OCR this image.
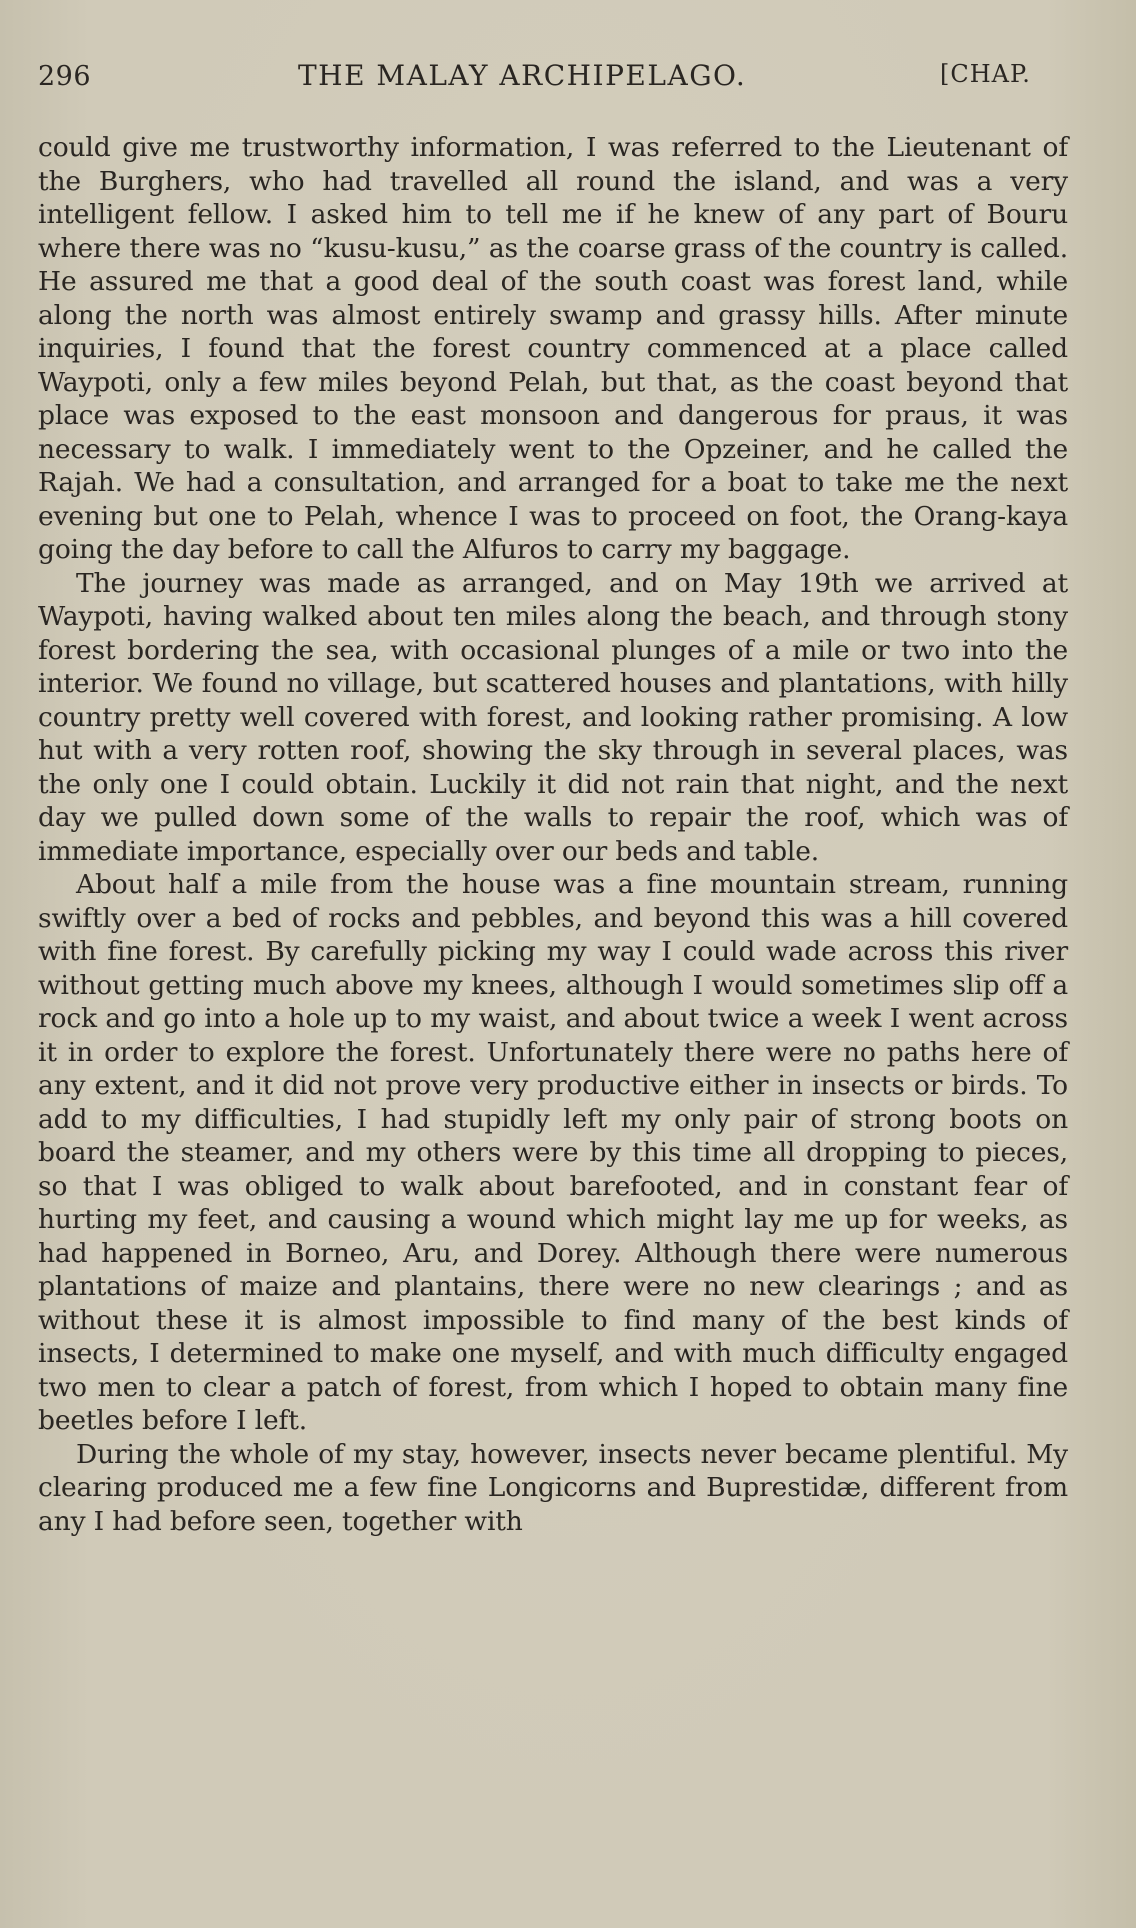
296	THE MALAY ARCHIPELAGO.	[CHAP.

could give me trustworthy information, I was referred to the Lieutenant of the Burghers, who had travelled all round the island, and was a very intelligent fellow. I asked him to tell me if he knew of any part of Bouru where there was no “kusu-kusu,” as the coarse grass of the country is called. He assured me that a good deal of the south coast was forest land, while along the north was almost entirely swamp and grassy hills. After minute inquiries, I found that the forest country commenced at a place called Waypoti, only a few miles beyond Pelah, but that, as the coast beyond that place was exposed to the east monsoon and dangerous for praus, it was necessary to walk. I immediately went to the Opzeiner, and he called the Rajah. We had a consultation, and arranged for a boat to take me the next evening but one to Pelah, whence I was to proceed on foot, the Orang-kaya going the day before to call the Alfuros to carry my baggage.

The journey was made as arranged, and on May 19th we arrived at Waypoti, having walked about ten miles along the beach, and through stony forest bordering the sea, with occasional plunges of a mile or two into the interior. We found no village, but scattered houses and plantations, with hilly country pretty well covered with forest, and looking rather promising. A low hut with a very rotten roof, showing the sky through in several places, was the only one I could obtain. Luckily it did not rain that night, and the next day we pulled down some of the walls to repair the roof, which was of immediate importance, especially over our beds and table.

About half a mile from the house was a fine mountain stream, running swiftly over a bed of rocks and pebbles, and beyond this was a hill covered with fine forest. By carefully picking my way I could wade across this river without getting much above my knees, although I would sometimes slip off a rock and go into a hole up to my waist, and about twice a week I went across it in order to explore the forest. Unfortunately there were no paths here of any extent, and it did not prove very productive either in insects or birds. To add to my difficulties, I had stupidly left my only pair of strong boots on board the steamer, and my others were by this time all dropping to pieces, so that I was obliged to walk about barefooted, and in constant fear of hurting my feet, and causing a wound which might lay me up for weeks, as had happened in Borneo, Aru, and Dorey. Although there were numerous plantations of maize and plantains, there were no new clearings ; and as without these it is almost impossible to find many of the best kinds of insects, I determined to make one myself, and with much difficulty engaged two men to clear a patch of forest, from which I hoped to obtain many fine beetles before I left.

During the whole of my stay, however, insects never became plentiful. My clearing produced me a few fine Longicorns and Buprestidæ, different from any I had before seen, together with
